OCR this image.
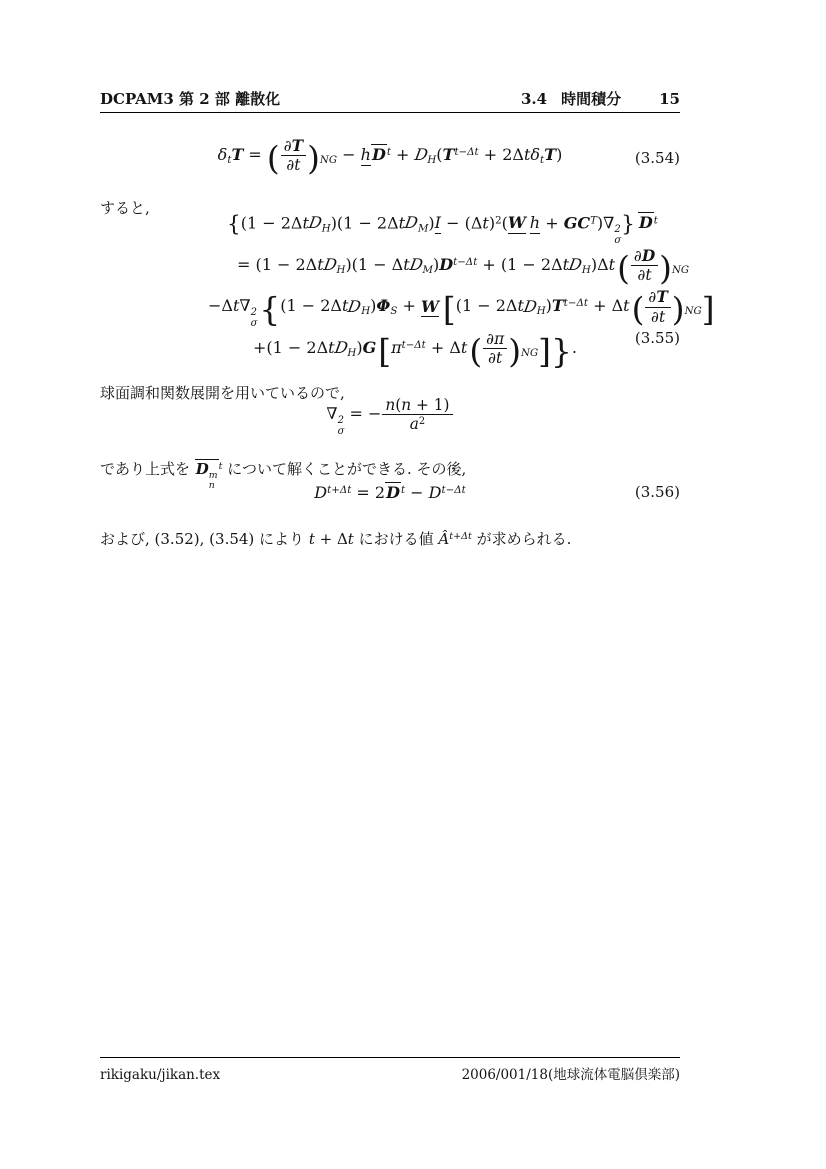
DCPAM3 第 2 部 離散化	3.4 時間積分	15
δtT = ( $\frac{\partial T}{\partial t} )NG - hD^t + DH(T^{t-\Delta t} + 2\Delta t\delta tT)$	(3.54)

すると,

{$(1 - 2\Delta tDH)(1 - 2\Delta tDM)I - (\Delta t)^2(W$ $h + GC^T)\nabla$ 2
σ
} $D^t$
= $(1 - 2\Delta tDH)(1 - \Delta tDM)D^{t-\Delta t} + (1 - 2\Delta tDH)\Delta t( \frac{\partial D}{\partial t} )NG$
−Δt∇ 2
σ {(1 − 2ΔtDH)ΦS + W $[(1 - 2\Delta tDH)T^{t-\Delta t} + \Delta t( \frac{\partial T}{\partial t} )NG]$
$+(1 - 2\Delta tDH)G[\pi^{t-\Delta t} + \Delta t( \frac{\partial\pi}{\partial t} )NG]$}.
(3.55)

球面調和関数展開を用いているので,

∇ 2
σ
= − $\frac{n(n + 1)}{a^2}$

であり上式を D m
n
$^t$ について解くことができる. その後,

$D^{t+\Delta t} = 2D^t - D^{t-\Delta t}$	(3.56)

および, (3.52), (3.54) により t + Δt における値 $Â^{t+\Delta t}$ が求められる.

rikigaku/jikan.tex	2006/001/18(地球流体電脳倶楽部)
